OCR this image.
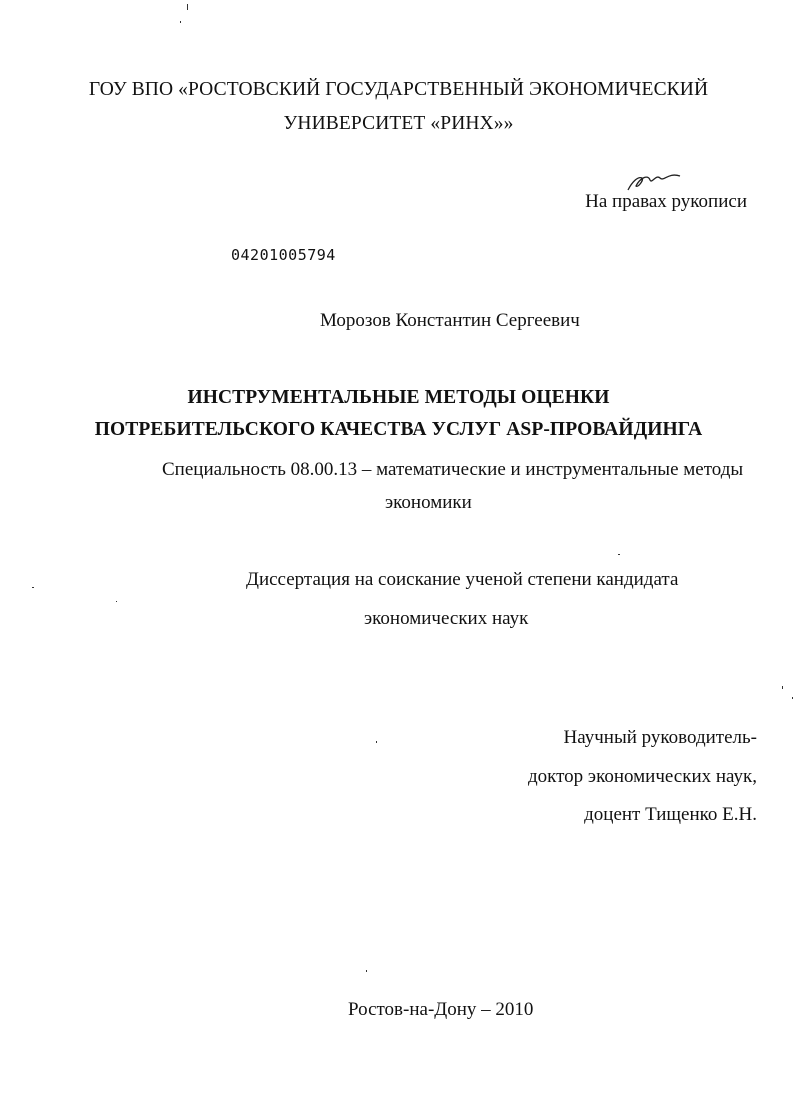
ГОУ ВПО «РОСТОВСКИЙ ГОСУДАРСТВЕННЫЙ ЭКОНОМИЧЕСКИЙ
УНИВЕРСИТЕТ «РИНХ»»
На правах рукописи
04201005794
Морозов Константин Сергеевич
ИНСТРУМЕНТАЛЬНЫЕ МЕТОДЫ ОЦЕНКИ
ПОТРЕБИТЕЛЬСКОГО КАЧЕСТВА УСЛУГ ASP-ПРОВАЙДИНГА
Специальность 08.00.13 – математические и инструментальные методы
экономики
Диссертация на соискание ученой степени кандидата
экономических наук
Научный руководитель-
доктор экономических наук,
доцент Тищенко Е.Н.
Ростов-на-Дону – 2010
